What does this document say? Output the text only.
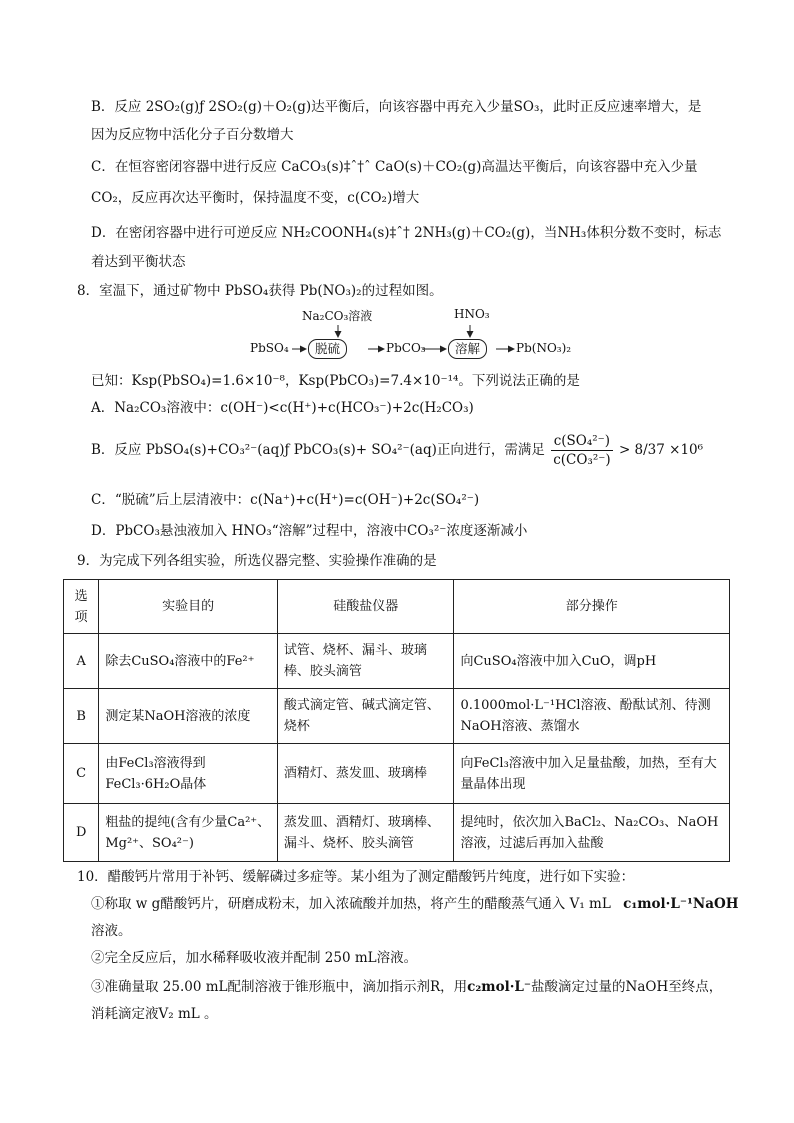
B．反应 2SO₂(g)ƒ 2SO₂(g)＋O₂(g)达平衡后，向该容器中再充入少量SO₃，此时正反应速率增大，是
因为反应物中活化分子百分数增大
C．在恒容密闭容器中进行反应 CaCO₃(s)‡ˆ†ˆ CaO(s)＋CO₂(g)高温达平衡后，向该容器中充入少量
CO₂，反应再次达平衡时，保持温度不变，c(CO₂)增大
D．在密闭容器中进行可逆反应 NH₂COONH₄(s)‡ˆ† 2NH₃(g)＋CO₂(g)，当NH₃体积分数不变时，标志
着达到平衡状态
8．室温下，通过矿物中 PbSO₄获得 Pb(NO₃)₂的过程如图。
Na₂CO₃溶液	HNO₃
PbSO₄	脱硫	PbCO₃	溶解	Pb(NO₃)₂
已知：Ksp(PbSO₄)=1.6×10⁻⁸，Ksp(PbCO₃)=7.4×10⁻¹⁴。下列说法正确的是
A．Na₂CO₃溶液中：c(OH⁻)<c(H⁺)+c(HCO₃⁻)+2c(H₂CO₃)
B．反应 PbSO₄(s)+CO₃²⁻(aq)ƒ PbCO₃(s)+ SO₄²⁻(aq)正向进行，需满足 $\frac{\text{c(SO₄²⁻)}}{\text{c(CO₃²⁻)}} > 8/37 \times 10^6$
C．“脱硫”后上层清液中：c(Na⁺)+c(H⁺)=c(OH⁻)+2c(SO₄²⁻)
D．PbCO₃悬浊液加入 HNO₃“溶解”过程中，溶液中CO₃²⁻浓度逐渐减小
9．为完成下列各组实验，所选仪器完整、实验操作准确的是
选项	实验目的	硅酸盐仪器	部分操作
A	除去CuSO₄溶液中的Fe²⁺	试管、烧杯、漏斗、玻璃棒、胶头滴管	向CuSO₄溶液中加入CuO，调pH
B	测定某NaOH溶液的浓度	酸式滴定管、碱式滴定管、烧杯	0.1000mol·L⁻¹HCl溶液、酚酞试剂、待测NaOH溶液、蒸馏水
C	由FeCl₃溶液得到FeCl₃·6H₂O晶体	酒精灯、蒸发皿、玻璃棒	向FeCl₃溶液中加入足量盐酸，加热，至有大量晶体出现
D	粗盐的提纯(含有少量Ca²⁺、Mg²⁺、SO₄²⁻)	蒸发皿、酒精灯、玻璃棒、漏斗、烧杯、胶头滴管	提纯时，依次加入BaCl₂、Na₂CO₃、NaOH溶液，过滤后再加入盐酸
10．醋酸钙片常用于补钙、缓解磷过多症等。某小组为了测定醋酸钙片纯度，进行如下实验：
①称取 w g醋酸钙片，研磨成粉末，加入浓硫酸并加热，将产生的醋酸蒸气通入 V₁ mL c₁mol·L⁻¹NaOH
溶液。
②完全反应后，加水稀释吸收液并配制 250 mL溶液。
③准确量取 25.00 mL配制溶液于锥形瓶中，滴加指示剂R，用c₂mol·L⁻盐酸滴定过量的NaOH至终点，
消耗滴定液V₂ mL 。
